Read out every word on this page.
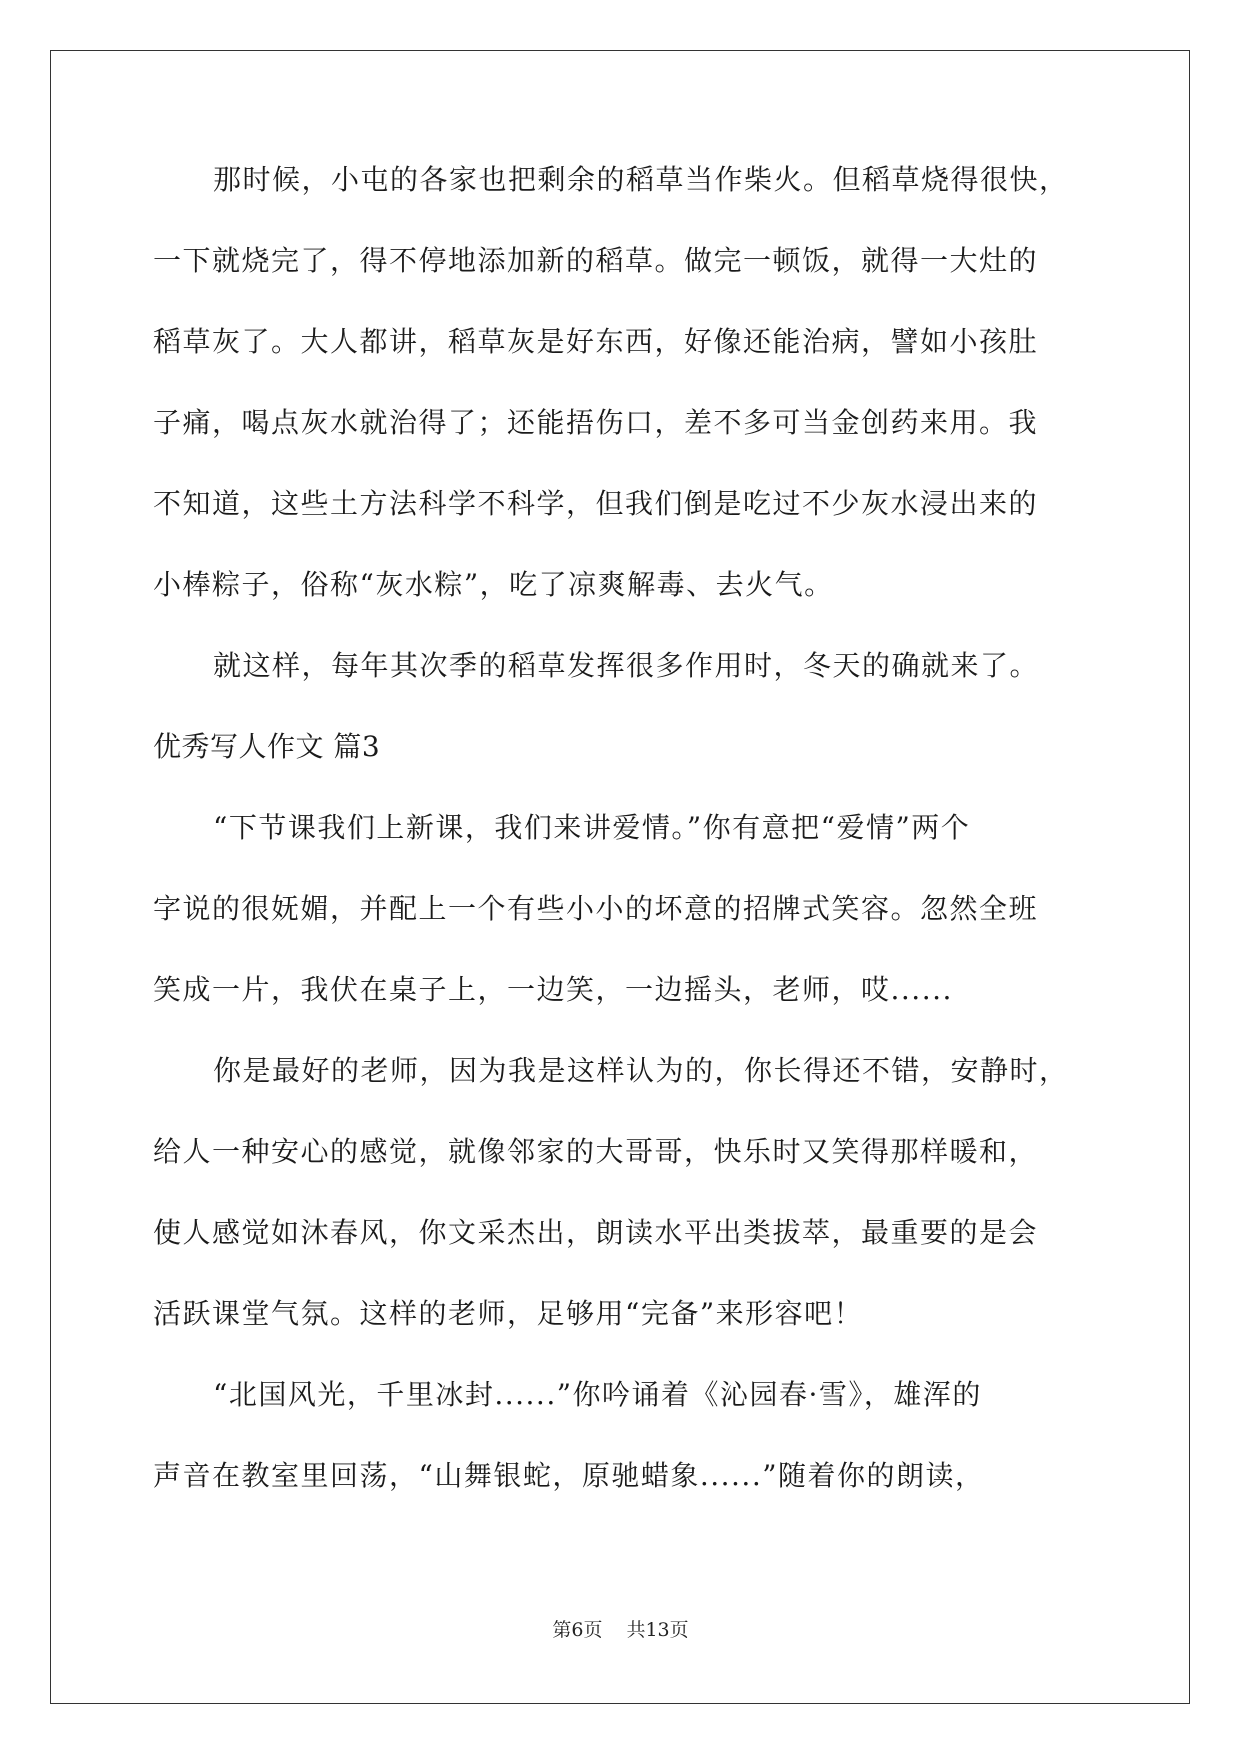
那时候，小屯的各家也把剩余的稻草当作柴火。但稻草烧得很快，
一下就烧完了，得不停地添加新的稻草。做完一顿饭，就得一大灶的
稻草灰了。大人都讲，稻草灰是好东西，好像还能治病，譬如小孩肚
子痛，喝点灰水就治得了；还能捂伤口，差不多可当金创药来用。我
不知道，这些土方法科学不科学，但我们倒是吃过不少灰水浸出来的
小棒粽子，俗称“灰水粽”，吃了凉爽解毒、去火气。
就这样，每年其次季的稻草发挥很多作用时，冬天的确就来了。
优秀写人作文 篇3
“下节课我们上新课，我们来讲爱情。”你有意把“爱情”两个
字说的很妩媚，并配上一个有些小小的坏意的招牌式笑容。忽然全班
笑成一片，我伏在桌子上，一边笑，一边摇头，老师，哎......
你是最好的老师，因为我是这样认为的，你长得还不错，安静时，
给人一种安心的感觉，就像邻家的大哥哥，快乐时又笑得那样暖和，
使人感觉如沐春风，你文采杰出，朗读水平出类拔萃，最重要的是会
活跃课堂气氛。这样的老师，足够用“完备”来形容吧！
“北国风光，千里冰封......”你吟诵着《沁园春·雪》，雄浑的
声音在教室里回荡，“山舞银蛇，原驰蜡象......”随着你的朗读，
第6页 共13页
